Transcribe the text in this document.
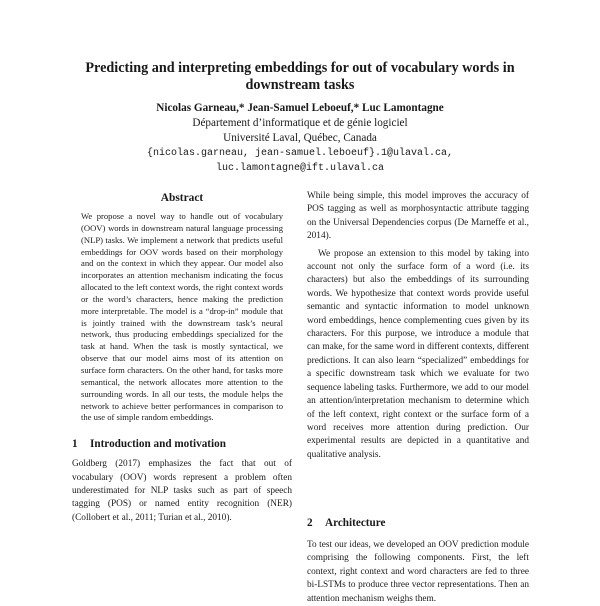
Predicting and interpreting embeddings for out of vocabulary words in downstream tasks
Nicolas Garneau,* Jean-Samuel Leboeuf,* Luc Lamontagne
Département d’informatique et de génie logiciel
Université Laval, Québec, Canada
{nicolas.garneau, jean-samuel.leboeuf}.1@ulaval.ca,
luc.lamontagne@ift.ulaval.ca
Abstract

We propose a novel way to handle out of vocabulary (OOV) words in downstream natural language processing (NLP) tasks. We implement a network that predicts useful embeddings for OOV words based on their morphology and on the context in which they appear. Our model also incorporates an attention mechanism indicating the focus allocated to the left context words, the right context words or the word’s characters, hence making the prediction more interpretable. The model is a “drop-in” module that is jointly trained with the downstream task’s neural network, thus producing embeddings specialized for the task at hand. When the task is mostly syntactical, we observe that our model aims most of its attention on surface form characters. On the other hand, for tasks more semantical, the network allocates more attention to the surrounding words. In all our tests, the module helps the network to achieve better performances in comparison to the use of simple random embeddings.

1 Introduction and motivation

Goldberg (2017) emphasizes the fact that out of vocabulary (OOV) words represent a problem often underestimated for NLP tasks such as part of speech tagging (POS) or named entity recognition (NER) (Collobert et al., 2011; Turian et al., 2010).

While being simple, this model improves the accuracy of POS tagging as well as morphosyntactic attribute tagging on the Universal Dependencies corpus (De Marneffe et al., 2014).

We propose an extension to this model by taking into account not only the surface form of a word (i.e. its characters) but also the embeddings of its surrounding words. We hypothesize that context words provide useful semantic and syntactic information to model unknown word embeddings, hence complementing cues given by its characters. For this purpose, we introduce a module that can make, for the same word in different contexts, different predictions. It can also learn “specialized” embeddings for a specific downstream task which we evaluate for two sequence labeling tasks. Furthermore, we add to our model an attention/interpretation mechanism to determine which of the left context, right context or the surface form of a word receives more attention during prediction. Our experimental results are depicted in a quantitative and qualitative analysis.

2 Architecture

To test our ideas, we developed an OOV prediction module comprising the following components. First, the left context, right context and word characters are fed to three bi-LSTMs to produce three vector representations. Then an attention mechanism weighs them.
